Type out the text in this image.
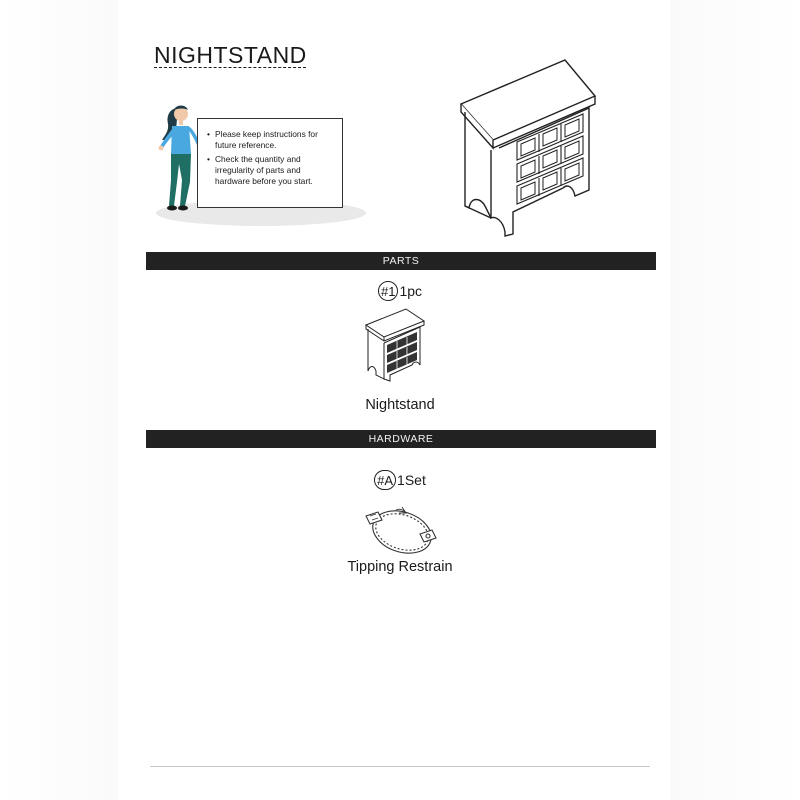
NIGHTSTAND
• Please keep instructions for future reference.
• Check the quantity and irregularity of parts and hardware before you start.
PARTS
#1 1pc
Nightstand
HARDWARE
#A 1Set
Tipping Restrain
